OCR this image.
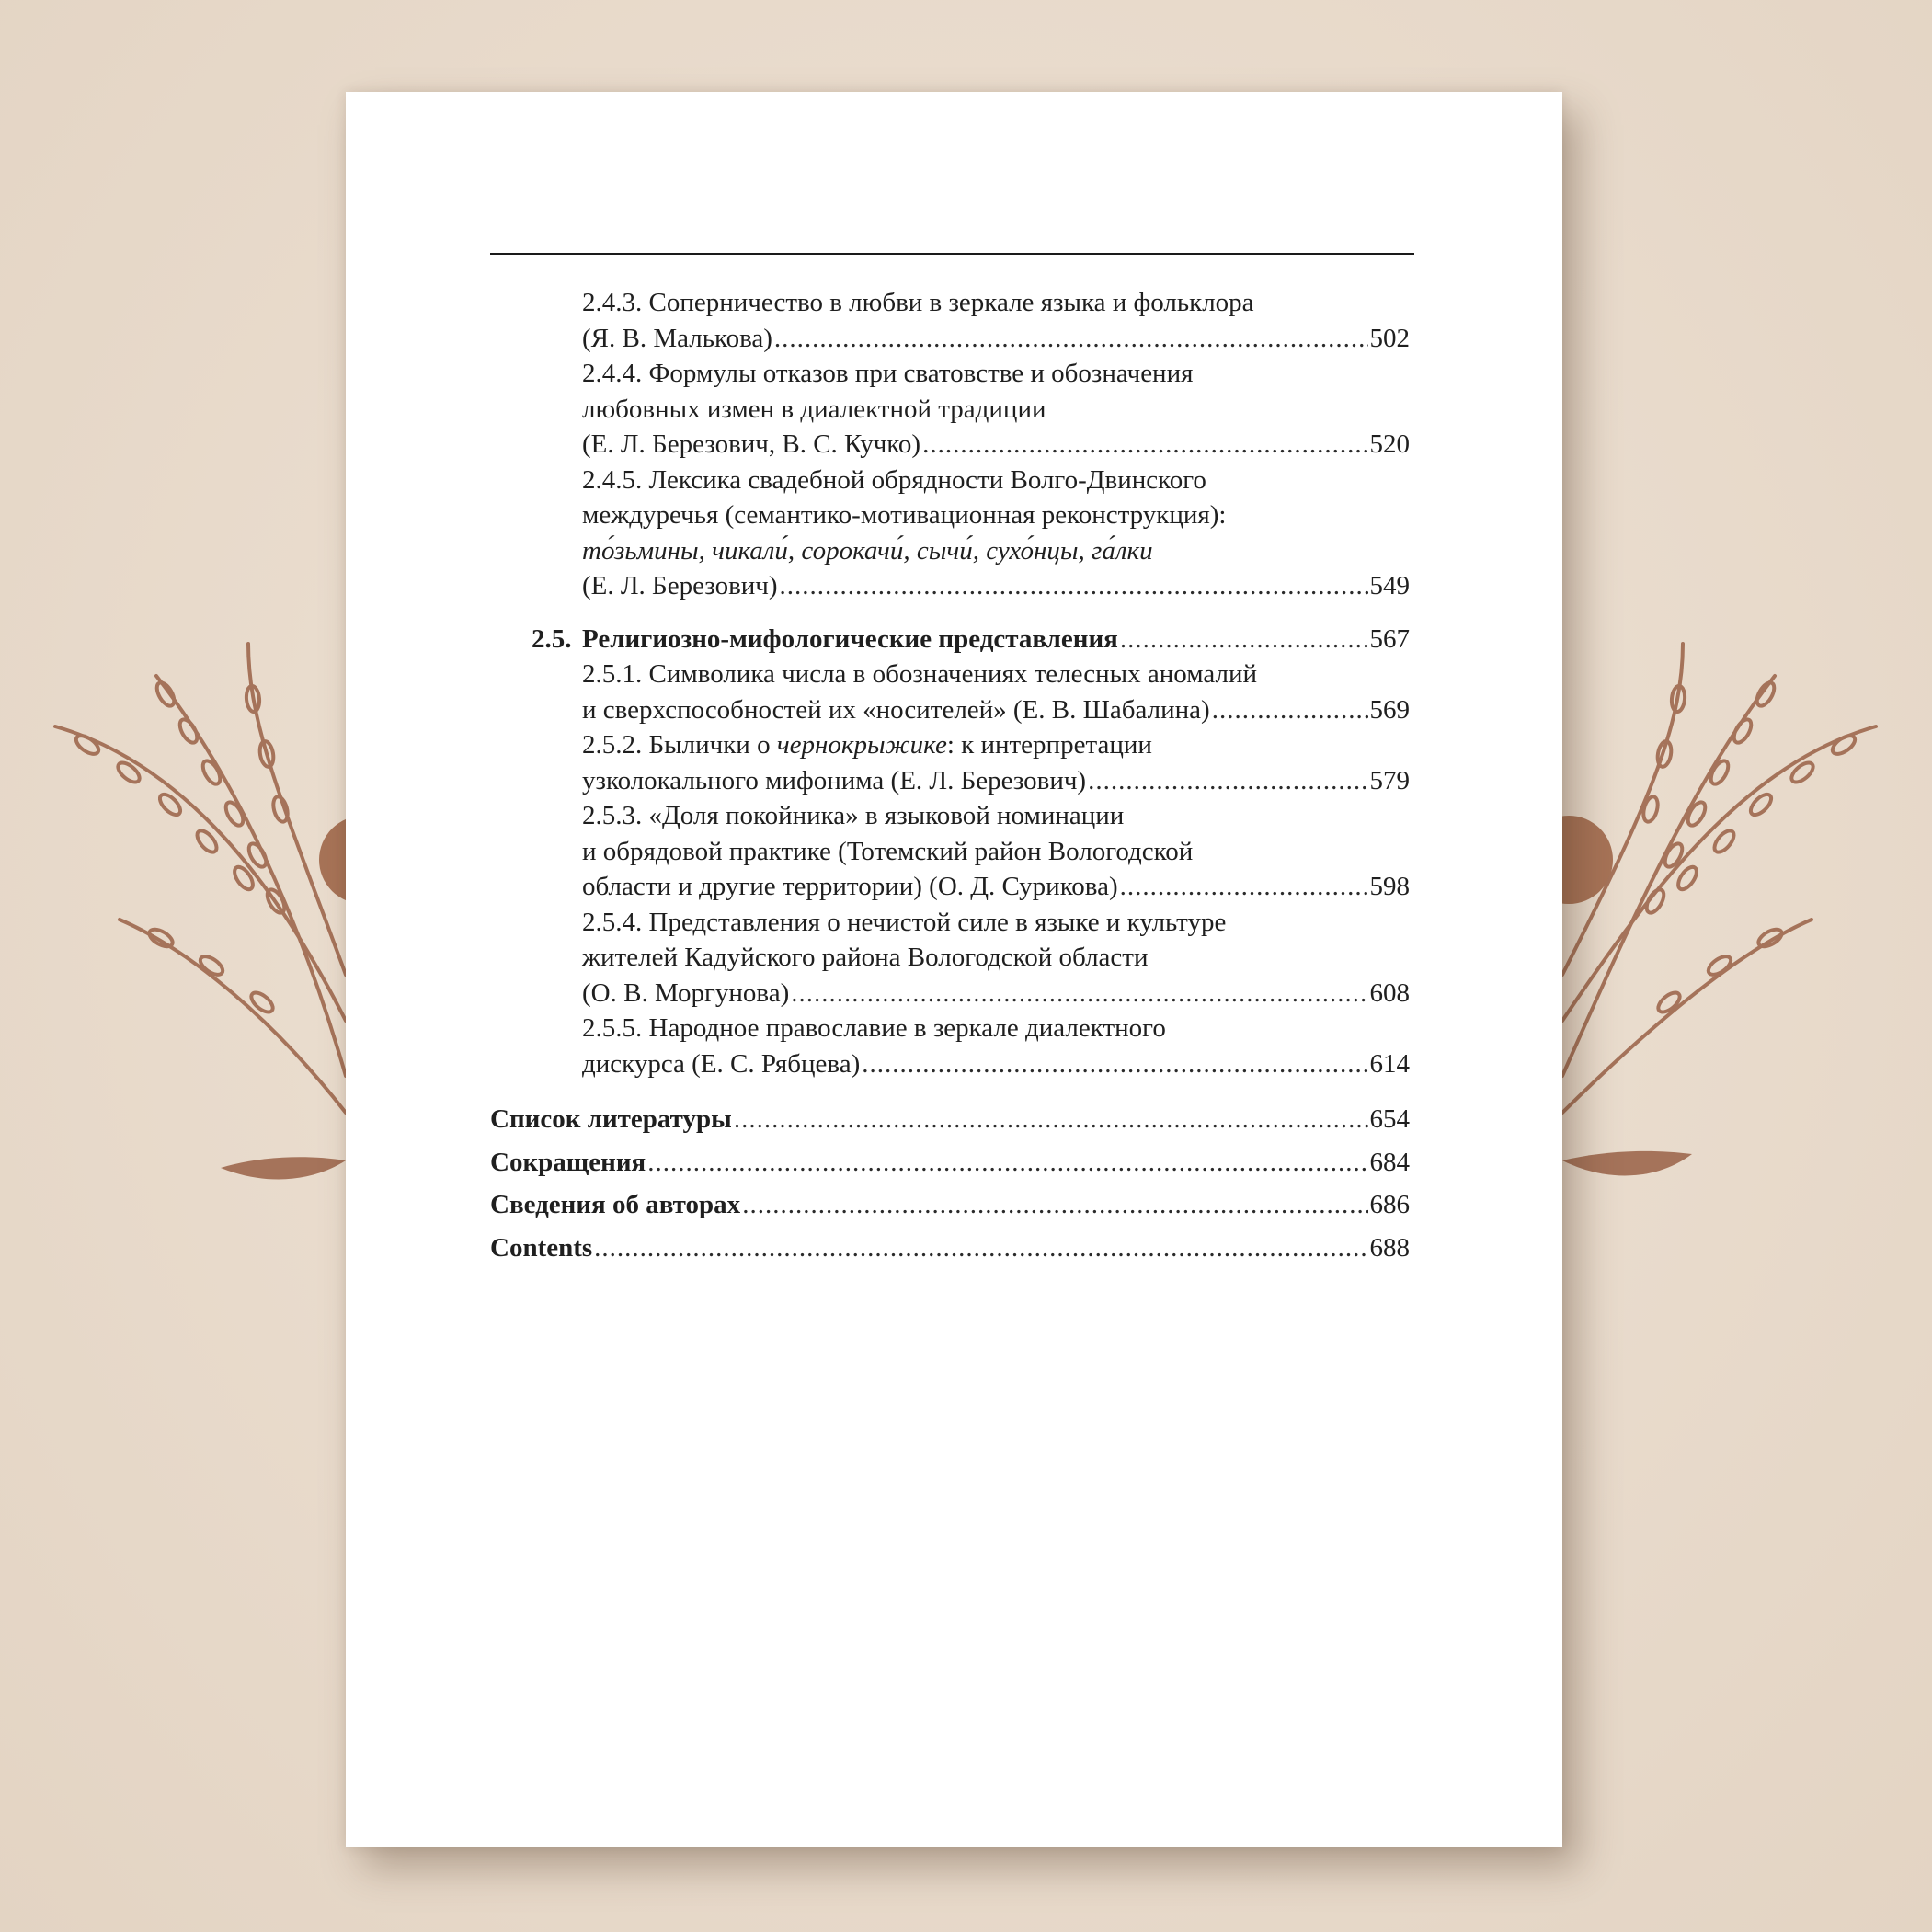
2.4.3. Соперничество в любви в зеркале языка и фольклора
(Я. В. Малькова) .....	502
2.4.4. Формулы отказов при сватовстве и обозначения
любовных измен в диалектной традиции
(Е. Л. Березович, В. С. Кучко) .....	520
2.4.5. Лексика свадебной обрядности Волго-Двинского
междуречья (семантико-мотивационная реконструкция):
то́зьмины, чикали́, сорокачи́, сычи́, сухо́нцы, га́лки
(Е. Л. Березович) .....	549
2.5. Религиозно-мифологические представления .....	567
2.5.1. Символика числа в обозначениях телесных аномалий
и сверхспособностей их «носителей» (Е. В. Шабалина) .....	569
2.5.2. Былички о чернокрыжике: к интерпретации
узколокального мифонима (Е. Л. Березович) .....	579
2.5.3. «Доля покойника» в языковой номинации
и обрядовой практике (Тотемский район Вологодской
области и другие территории) (О. Д. Сурикова) .....	598
2.5.4. Представления о нечистой силе в языке и культуре
жителей Кадуйского района Вологодской области
(О. В. Моргунова) .....	608
2.5.5. Народное православие в зеркале диалектного
дискурса (Е. С. Рябцева) .....	614
Список литературы .....	654
Сокращения .....	684
Сведения об авторах .....	686
Contents .....	688
